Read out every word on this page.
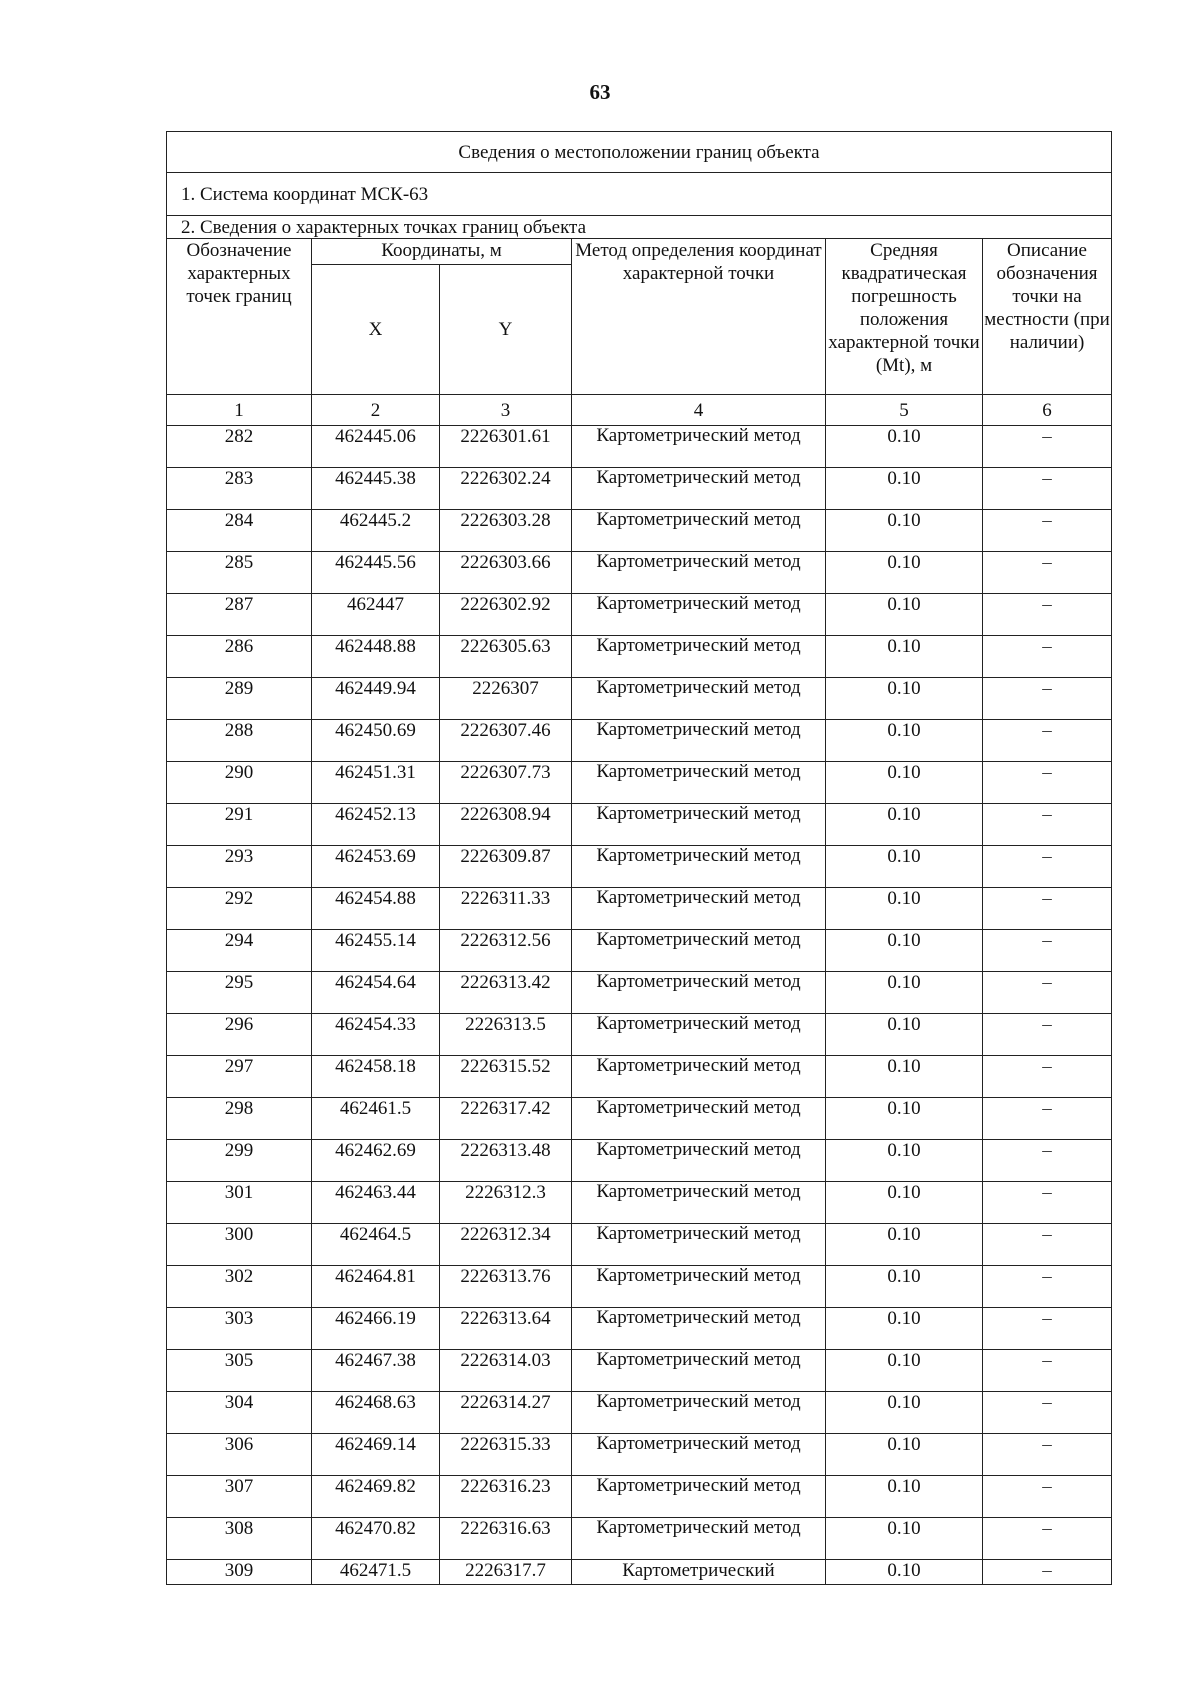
63
Сведения о местоположении границ объекта					
1. Система координат МСК-63					
2. Сведения о характерных точках границ объекта					
Обозначение характерных точек границ	Координаты, м		Метод определения координат характерной точки	Средняя квадратическая погрешность положения характерной точки (Mt), м	Описание обозначения точки на местности (при наличии)
	X	Y			
1	2	3	4	5	6
282	462445.06	2226301.61	Картометрический метод	0.10	–
283	462445.38	2226302.24	Картометрический метод	0.10	–
284	462445.2	2226303.28	Картометрический метод	0.10	–
285	462445.56	2226303.66	Картометрический метод	0.10	–
287	462447	2226302.92	Картометрический метод	0.10	–
286	462448.88	2226305.63	Картометрический метод	0.10	–
289	462449.94	2226307	Картометрический метод	0.10	–
288	462450.69	2226307.46	Картометрический метод	0.10	–
290	462451.31	2226307.73	Картометрический метод	0.10	–
291	462452.13	2226308.94	Картометрический метод	0.10	–
293	462453.69	2226309.87	Картометрический метод	0.10	–
292	462454.88	2226311.33	Картометрический метод	0.10	–
294	462455.14	2226312.56	Картометрический метод	0.10	–
295	462454.64	2226313.42	Картометрический метод	0.10	–
296	462454.33	2226313.5	Картометрический метод	0.10	–
297	462458.18	2226315.52	Картометрический метод	0.10	–
298	462461.5	2226317.42	Картометрический метод	0.10	–
299	462462.69	2226313.48	Картометрический метод	0.10	–
301	462463.44	2226312.3	Картометрический метод	0.10	–
300	462464.5	2226312.34	Картометрический метод	0.10	–
302	462464.81	2226313.76	Картометрический метод	0.10	–
303	462466.19	2226313.64	Картометрический метод	0.10	–
305	462467.38	2226314.03	Картометрический метод	0.10	–
304	462468.63	2226314.27	Картометрический метод	0.10	–
306	462469.14	2226315.33	Картометрический метод	0.10	–
307	462469.82	2226316.23	Картометрический метод	0.10	–
308	462470.82	2226316.63	Картометрический метод	0.10	–
309	462471.5	2226317.7	Картометрический	0.10	–
